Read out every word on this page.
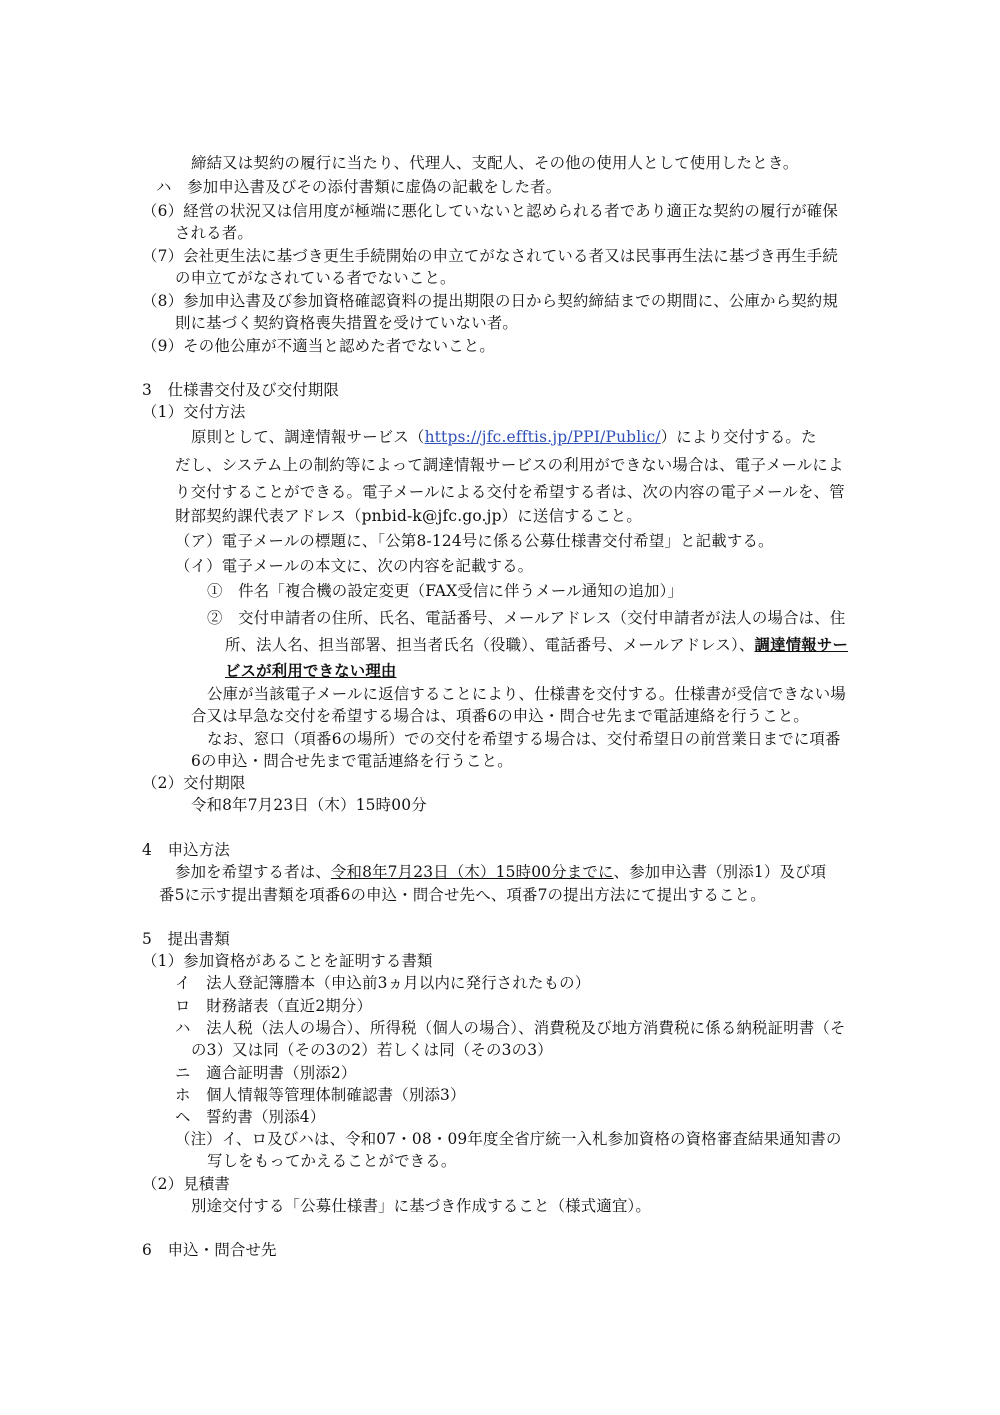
締結又は契約の履行に当たり、代理人、支配人、その他の使用人として使用したとき。
ハ　参加申込書及びその添付書類に虚偽の記載をした者。
（6）経営の状況又は信用度が極端に悪化していないと認められる者であり適正な契約の履行が確保
される者。
（7）会社更生法に基づき更生手続開始の申立てがなされている者又は民事再生法に基づき再生手続
の申立てがなされている者でないこと。
（8）参加申込書及び参加資格確認資料の提出期限の日から契約締結までの期間に、公庫から契約規
則に基づく契約資格喪失措置を受けていない者。
（9）その他公庫が不適当と認めた者でないこと。
3　仕様書交付及び交付期限
（1）交付方法
原則として、調達情報サービス（https://jfc.efftis.jp/PPI/Public/）により交付する。た
だし、システム上の制約等によって調達情報サービスの利用ができない場合は、電子メールによ
り交付することができる。電子メールによる交付を希望する者は、次の内容の電子メールを、管
財部契約課代表アドレス（pnbid-k@jfc.go.jp）に送信すること。
（ア）電子メールの標題に、「公第8-124号に係る公募仕様書交付希望」と記載する。
（イ）電子メールの本文に、次の内容を記載する。
①　件名「複合機の設定変更（FAX受信に伴うメール通知の追加）」
②　交付申請者の住所、氏名、電話番号、メールアドレス（交付申請者が法人の場合は、住
所、法人名、担当部署、担当者氏名（役職）、電話番号、メールアドレス）、調達情報サー
ビスが利用できない理由
公庫が当該電子メールに返信することにより、仕様書を交付する。仕様書が受信できない場
合又は早急な交付を希望する場合は、項番6の申込・問合せ先まで電話連絡を行うこと。
なお、窓口（項番6の場所）での交付を希望する場合は、交付希望日の前営業日までに項番
6の申込・問合せ先まで電話連絡を行うこと。
（2）交付期限
令和8年7月23日（木）15時00分
4　申込方法
参加を希望する者は、令和8年7月23日（木）15時00分までに、参加申込書（別添1）及び項
番5に示す提出書類を項番6の申込・問合せ先へ、項番7の提出方法にて提出すること。
5　提出書類
（1）参加資格があることを証明する書類
イ　法人登記簿謄本（申込前3ヵ月以内に発行されたもの）
ロ　財務諸表（直近2期分）
ハ　法人税（法人の場合）、所得税（個人の場合）、消費税及び地方消費税に係る納税証明書（そ
の3）又は同（その3の2）若しくは同（その3の3）
ニ　適合証明書（別添2）
ホ　個人情報等管理体制確認書（別添3）
ヘ　誓約書（別添4）
（注）イ、ロ及びハは、令和07・08・09年度全省庁統一入札参加資格の資格審査結果通知書の
写しをもってかえることができる。
（2）見積書
別途交付する「公募仕様書」に基づき作成すること（様式適宜）。
6　申込・問合せ先
